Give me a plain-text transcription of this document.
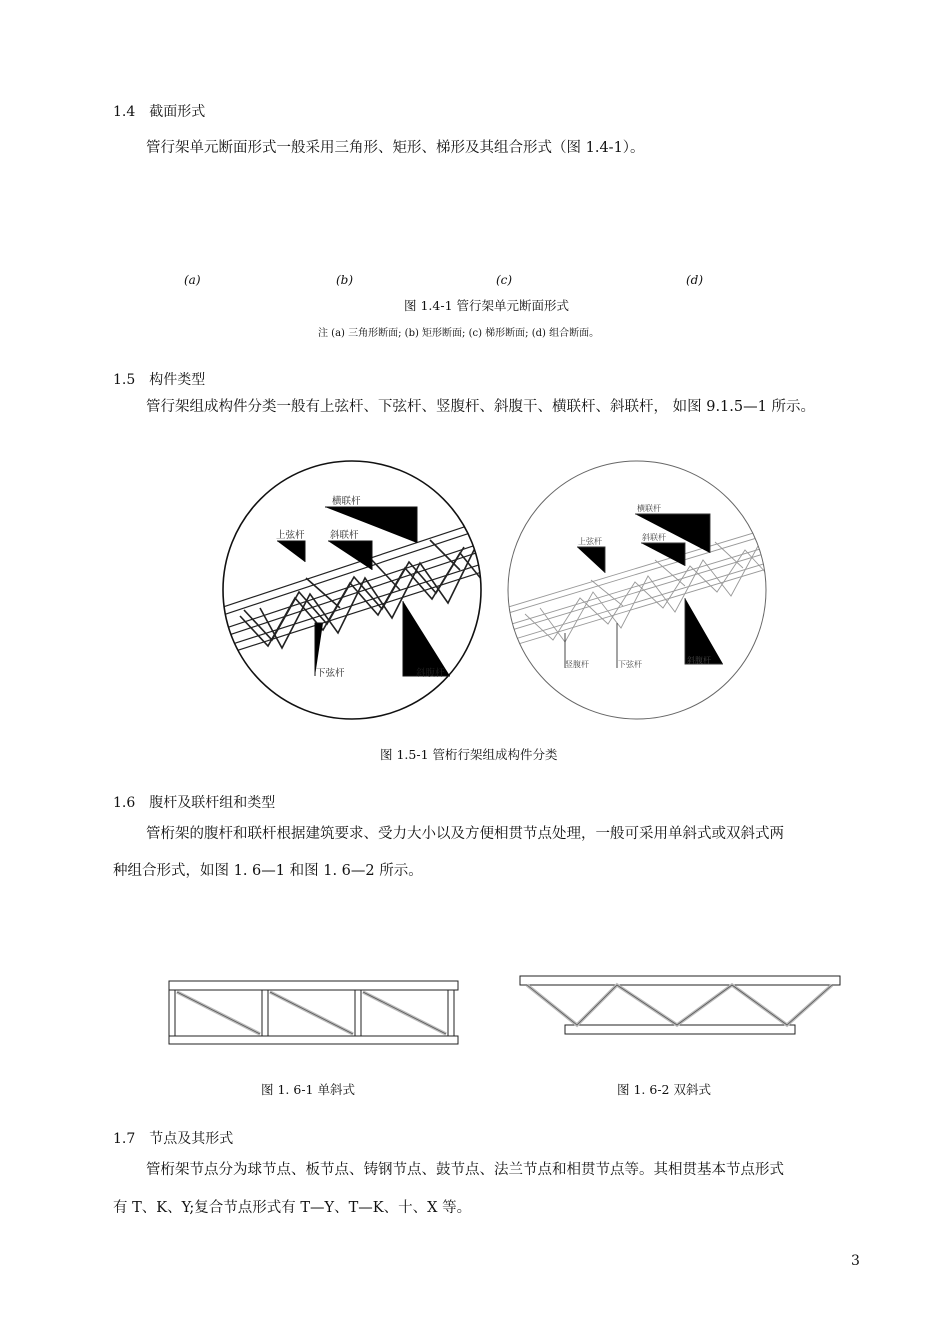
1.4　截面形式
管行架单元断面形式一般采用三角形、矩形、梯形及其组合形式（图 1.4-1）。
(a)	(b)	(c)	(d)
图 1.4-1 管行架单元断面形式
注 (a) 三角形断面; (b) 矩形断面; (c) 梯形断面; (d) 组合断面。
1.5　构件类型
管行架组成构件分类一般有上弦杆、下弦杆、竖腹杆、斜腹干、横联杆、斜联杆， 如图 9.1.5—1 所示。
横联杆
上弦杆	斜联杆
下弦杆	斜腹杆
横联杆
上弦杆	斜联杆
竖腹杆	下弦杆	斜腹杆
图 1.5-1 管桁行架组成构件分类
1.6　腹杆及联杆组和类型
管桁架的腹杆和联杆根据建筑要求、受力大小以及方便相贯节点处理，一般可采用单斜式或双斜式两
种组合形式，如图 1. 6—1 和图 1. 6—2 所示。
图 1. 6-1 单斜式	图 1. 6-2 双斜式
1.7　节点及其形式
管桁架节点分为球节点、板节点、铸钢节点、鼓节点、法兰节点和相贯节点等。其相贯基本节点形式
有 T、K、Y;复合节点形式有 T—Y、T—K、十、X 等。
3
